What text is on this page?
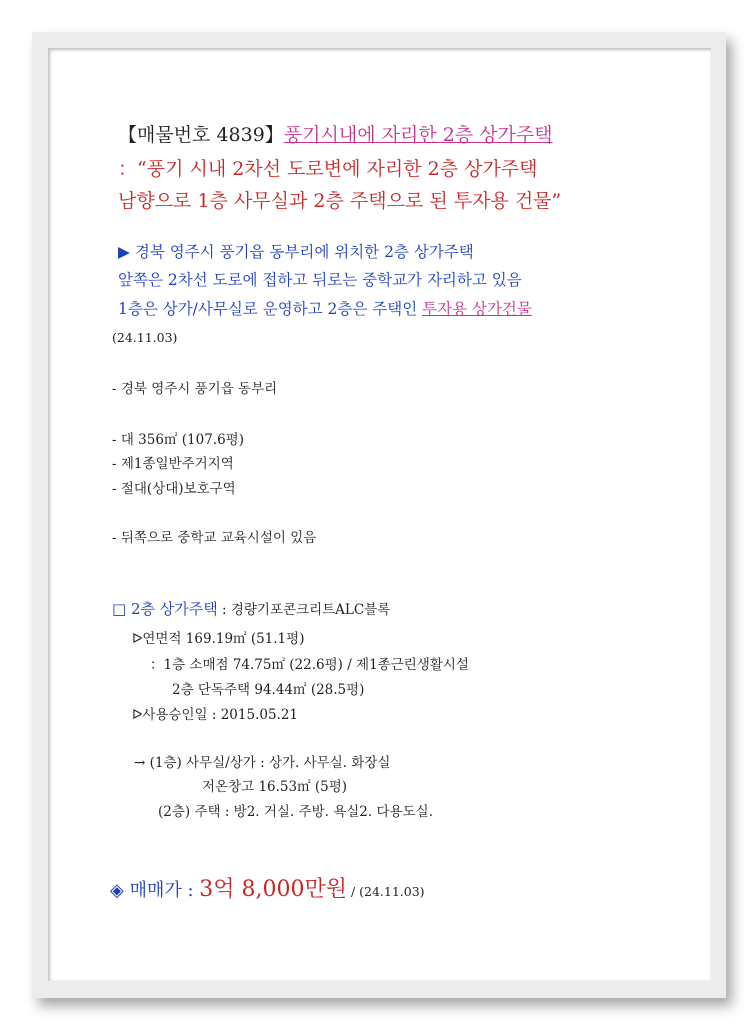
【매물번호 4839】풍기시내에 자리한 2층 상가주택
：“풍기 시내 2차선 도로변에 자리한 2층 상가주택
남향으로 1층 사무실과 2층 주택으로 된 투자용 건물”
▶ 경북 영주시 풍기읍 동부리에 위치한 2층 상가주택
앞쪽은 2차선 도로에 접하고 뒤로는 중학교가 자리하고 있음
1층은 상가/사무실로 운영하고 2층은 주택인 투자용 상가건물
(24.11.03)
- 경북 영주시 풍기읍 동부리
- 대 356㎡ (107.6평)
- 제1종일반주거지역
- 절대(상대)보호구역
- 뒤쪽으로 중학교 교육시설이 있음
□ 2층 상가주택 : 경량기포콘크리트ALC블록
ᐅ연면적 169.19㎡ (51.1평)
：1층 소매점 74.75㎡ (22.6평) / 제1종근린생활시설
2층 단독주택 94.44㎡ (28.5평)
ᐅ사용승인일 : 2015.05.21
→ (1층) 사무실/상가 : 상가. 사무실. 화장실
저온창고 16.53㎡ (5평)
(2층) 주택 : 방2. 거실. 주방. 욕실2. 다용도실.
◈ 매매가 : 3억 8,000만원 / (24.11.03)
